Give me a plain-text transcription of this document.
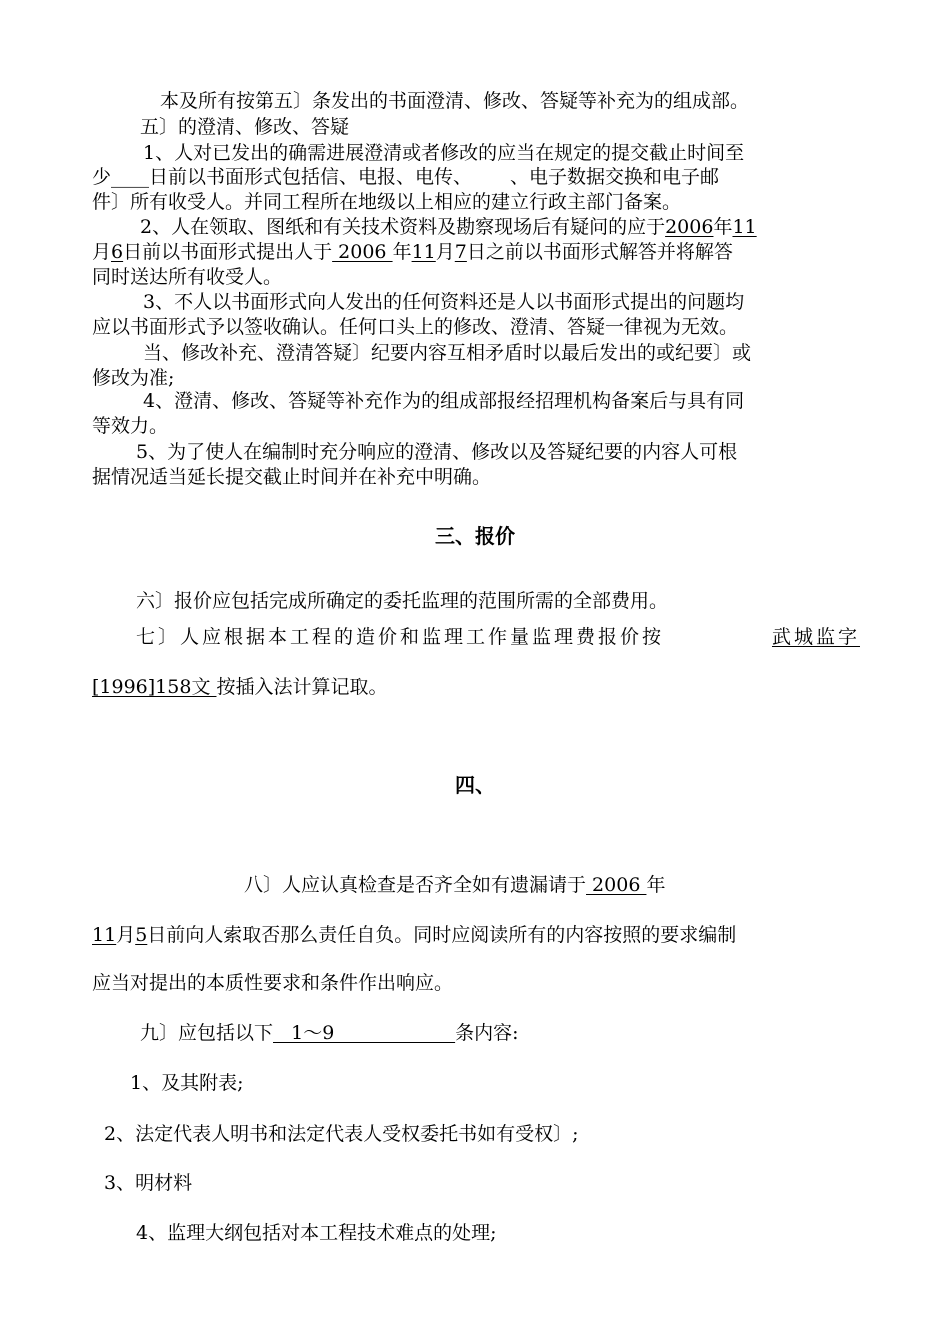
本及所有按第五〕条发出的书面澄清、修改、答疑等补充为的组成部。
五〕的澄清、修改、答疑
1、人对已发出的确需进展澄清或者修改的应当在规定的提交截止时间至
少____日前以书面形式包括信、电报、电传、 、电子数据交换和电子邮
件〕所有收受人。并同工程所在地级以上相应的建立行政主部门备案。
2、人在领取、图纸和有关技术资料及勘察现场后有疑问的应于2006年11
月6日前以书面形式提出人于 2006 年11月7日之前以书面形式解答并将解答
同时送达所有收受人。
3、不人以书面形式向人发出的任何资料还是人以书面形式提出的问题均
应以书面形式予以签收确认。任何口头上的修改、澄清、答疑一律视为无效。
当、修改补充、澄清答疑〕纪要内容互相矛盾时以最后发出的或纪要〕或
修改为准;
4、澄清、修改、答疑等补充作为的组成部报经招理机构备案后与具有同
等效力。
5、为了使人在编制时充分响应的澄清、修改以及答疑纪要的内容人可根
据情况适当延长提交截止时间并在补充中明确。
三、报价
六〕报价应包括完成所确定的委托监理的范围所需的全部费用。
七〕人应根据本工程的造价和监理工作量监理费报价按	武城监字
[1996]158文 按插入法计算记取。
四、
八〕人应认真检查是否齐全如有遗漏请于 2006 年
11月5日前向人索取否那么责任自负。同时应阅读所有的内容按照的要求编制
应当对提出的本质性要求和条件作出响应。
九〕应包括以下   1～9                    条内容:
1、及其附表;
2、法定代表人明书和法定代表人受权委托书如有受权〕;
3、明材料
4、监理大纲包括对本工程技术难点的处理;
